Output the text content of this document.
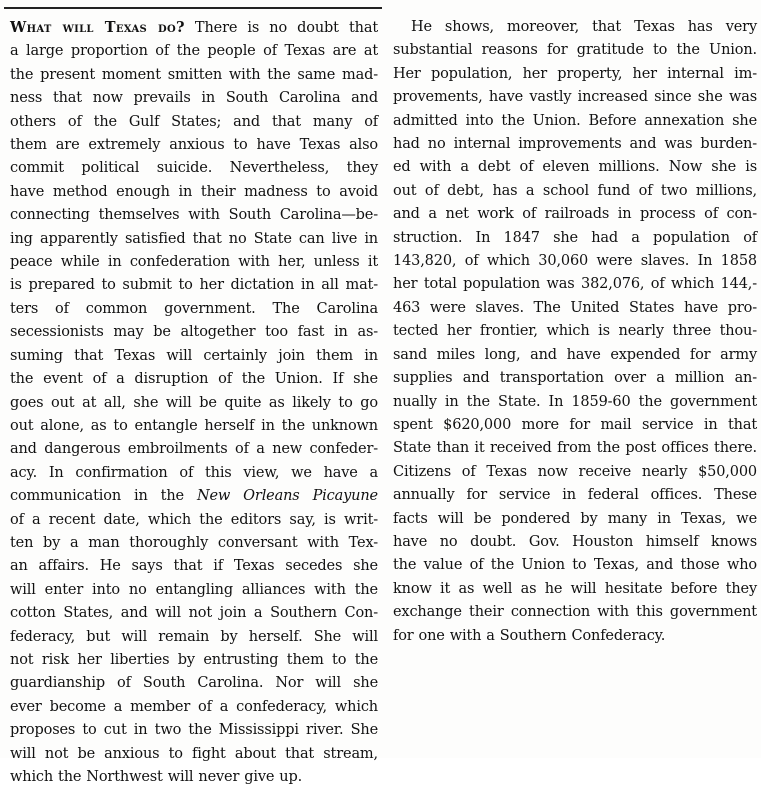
What will Texas do? There is no doubt that
a large proportion of the people of Texas are at
the present moment smitten with the same mad-
ness that now prevails in South Carolina and
others of the Gulf States; and that many of
them are extremely anxious to have Texas also
commit political suicide. Nevertheless, they
have method enough in their madness to avoid
connecting themselves with South Carolina—be-
ing apparently satisfied that no State can live in
peace while in confederation with her, unless it
is prepared to submit to her dictation in all mat-
ters of common government. The Carolina
secessionists may be altogether too fast in as-
suming that Texas will certainly join them in
the event of a disruption of the Union. If she
goes out at all, she will be quite as likely to go
out alone, as to entangle herself in the unknown
and dangerous embroilments of a new confeder-
acy. In confirmation of this view, we have a
communication in the New Orleans Picayune
of a recent date, which the editors say, is writ-
ten by a man thoroughly conversant with Tex-
an affairs. He says that if Texas secedes she
will enter into no entangling alliances with the
cotton States, and will not join a Southern Con-
federacy, but will remain by herself. She will
not risk her liberties by entrusting them to the
guardianship of South Carolina. Nor will she
ever become a member of a confederacy, which
proposes to cut in two the Mississippi river. She
will not be anxious to fight about that stream,
which the Northwest will never give up.
He shows, moreover, that Texas has very
substantial reasons for gratitude to the Union.
Her population, her property, her internal im-
provements, have vastly increased since she was
admitted into the Union. Before annexation she
had no internal improvements and was burden-
ed with a debt of eleven millions. Now she is
out of debt, has a school fund of two millions,
and a net work of railroads in process of con-
struction. In 1847 she had a population of
143,820, of which 30,060 were slaves. In 1858
her total population was 382,076, of which 144,-
463 were slaves. The United States have pro-
tected her frontier, which is nearly three thou-
sand miles long, and have expended for army
supplies and transportation over a million an-
nually in the State. In 1859-60 the government
spent $620,000 more for mail service in that
State than it received from the post offices there.
Citizens of Texas now receive nearly $50,000
annually for service in federal offices. These
facts will be pondered by many in Texas, we
have no doubt. Gov. Houston himself knows
the value of the Union to Texas, and those who
know it as well as he will hesitate before they
exchange their connection with this government
for one with a Southern Confederacy.
